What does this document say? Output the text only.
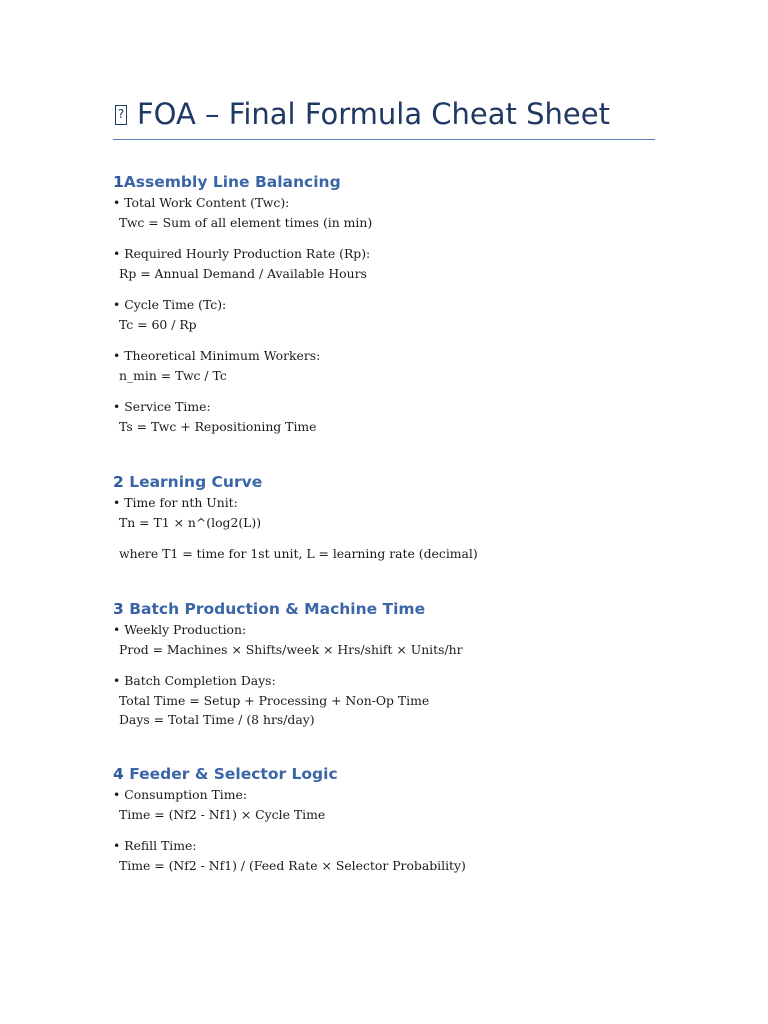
? FOA – Final Formula Cheat Sheet
1Assembly Line Balancing
• Total Work Content (Twc):
Twc = Sum of all element times (in min)
• Required Hourly Production Rate (Rp):
Rp = Annual Demand / Available Hours
• Cycle Time (Tc):
Tc = 60 / Rp
• Theoretical Minimum Workers:
n_min = Twc / Tc
• Service Time:
Ts = Twc + Repositioning Time
2 Learning Curve
• Time for nth Unit:
Tn = T1 × n^(log2(L))
where T1 = time for 1st unit, L = learning rate (decimal)
3 Batch Production & Machine Time
• Weekly Production:
Prod = Machines × Shifts/week × Hrs/shift × Units/hr
• Batch Completion Days:
Total Time = Setup + Processing + Non-Op Time
Days = Total Time / (8 hrs/day)
4 Feeder & Selector Logic
• Consumption Time:
Time = (Nf2 - Nf1) × Cycle Time
• Refill Time:
Time = (Nf2 - Nf1) / (Feed Rate × Selector Probability)
